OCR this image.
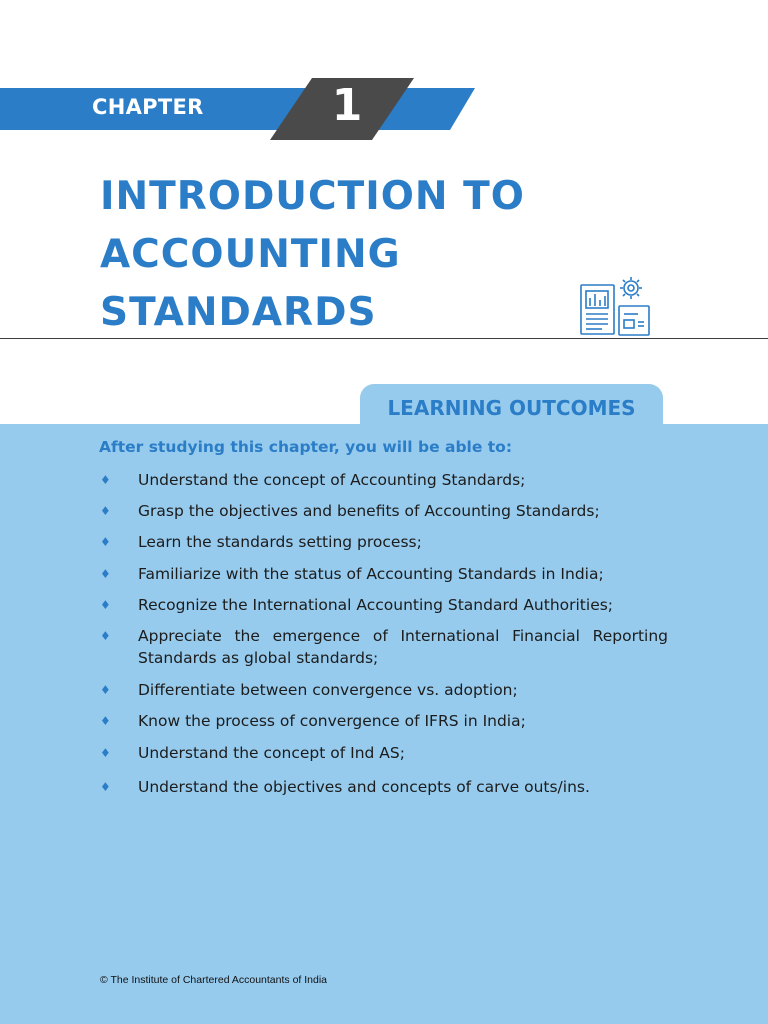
CHAPTER	1
INTRODUCTION TO
ACCOUNTING
STANDARDS
LEARNING OUTCOMES
After studying this chapter, you will be able to:
♦ Understand the concept of Accounting Standards;
♦ Grasp the objectives and benefits of Accounting Standards;
♦ Learn the standards setting process;
♦ Familiarize with the status of Accounting Standards in India;
♦ Recognize the International Accounting Standard Authorities;
♦ Appreciate the emergence of International Financial Reporting Standards as global standards;
♦ Differentiate between convergence vs. adoption;
♦ Know the process of convergence of IFRS in India;
♦ Understand the concept of Ind AS;
♦ Understand the objectives and concepts of carve outs/ins.
© The Institute of Chartered Accountants of India
